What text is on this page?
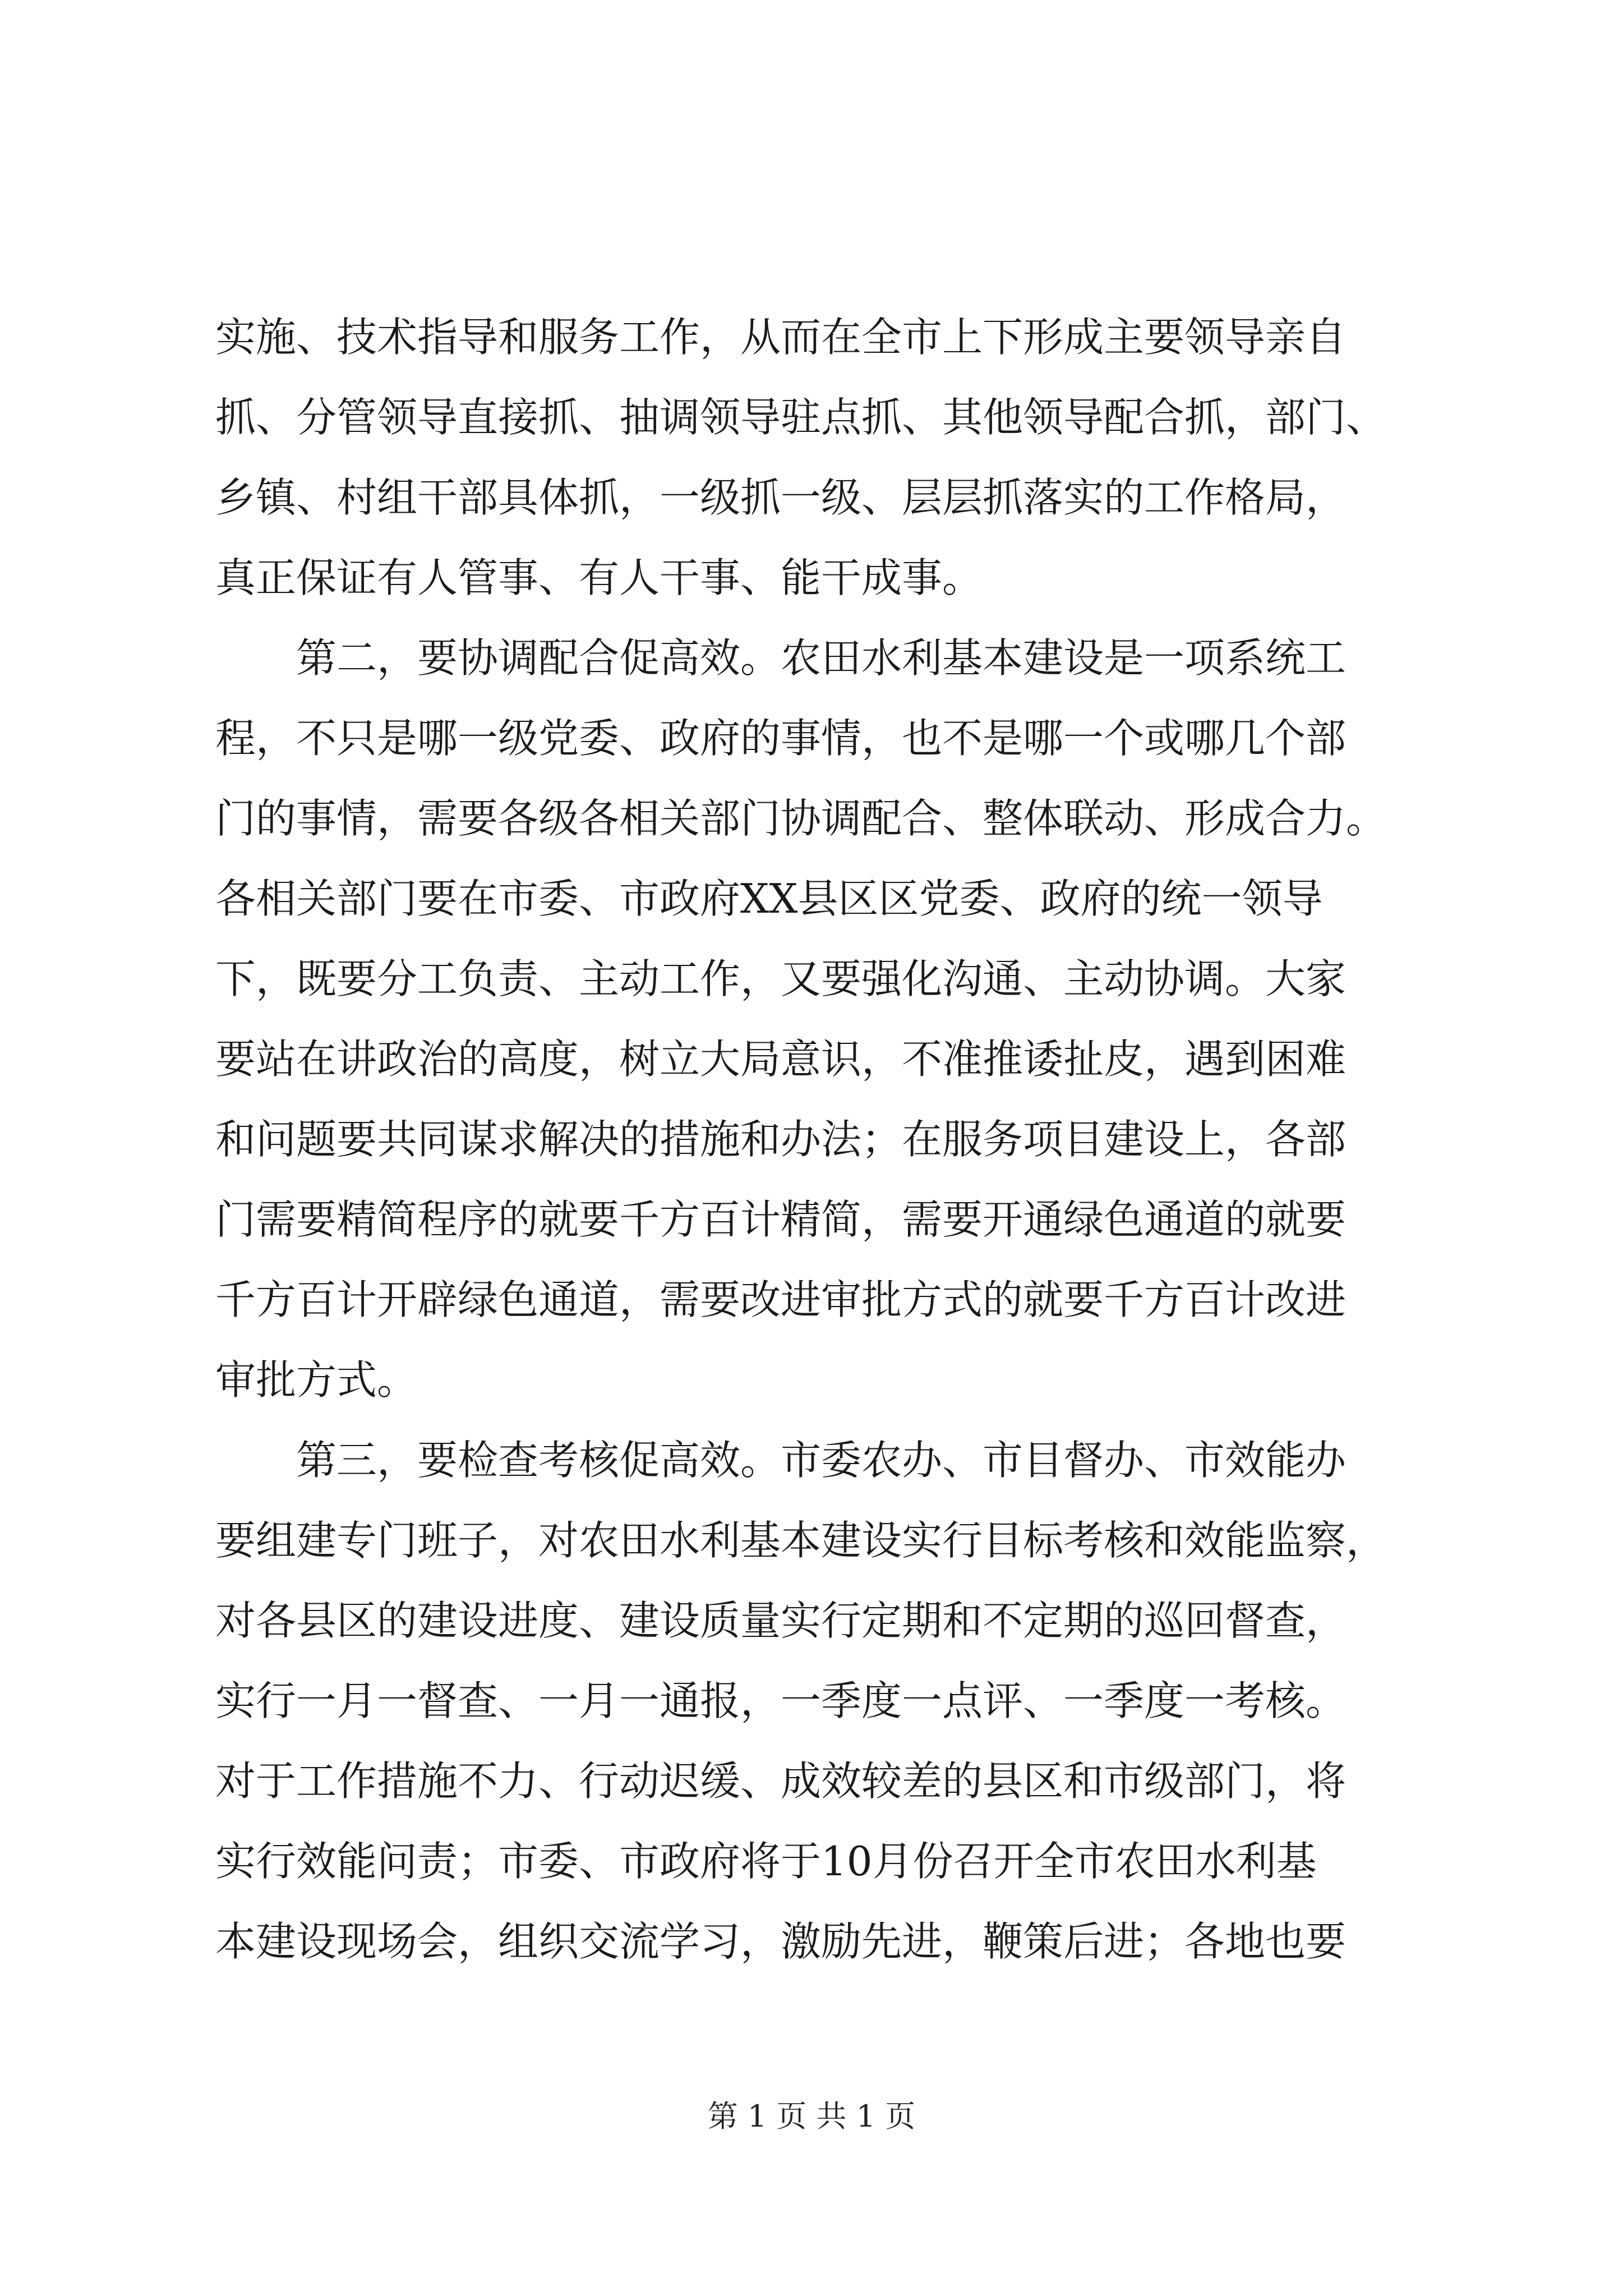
实施、技术指导和服务工作，从而在全市上下形成主要领导亲自
抓、分管领导直接抓、抽调领导驻点抓、其他领导配合抓，部门、
乡镇、村组干部具体抓，一级抓一级、层层抓落实的工作格局，
真正保证有人管事、有人干事、能干成事。
第二，要协调配合促高效。农田水利基本建设是一项系统工
程，不只是哪一级党委、政府的事情，也不是哪一个或哪几个部
门的事情，需要各级各相关部门协调配合、整体联动、形成合力。
各相关部门要在市委、市政府XX县区区党委、政府的统一领导
下，既要分工负责、主动工作，又要强化沟通、主动协调。大家
要站在讲政治的高度，树立大局意识，不准推诿扯皮，遇到困难
和问题要共同谋求解决的措施和办法；在服务项目建设上，各部
门需要精简程序的就要千方百计精简，需要开通绿色通道的就要
千方百计开辟绿色通道，需要改进审批方式的就要千方百计改进
审批方式。
第三，要检查考核促高效。市委农办、市目督办、市效能办
要组建专门班子，对农田水利基本建设实行目标考核和效能监察，
对各县区的建设进度、建设质量实行定期和不定期的巡回督查，
实行一月一督查、一月一通报，一季度一点评、一季度一考核。
对于工作措施不力、行动迟缓、成效较差的县区和市级部门，将
实行效能问责；市委、市政府将于10月份召开全市农田水利基
本建设现场会，组织交流学习，激励先进，鞭策后进；各地也要
第 1 页 共 1 页
